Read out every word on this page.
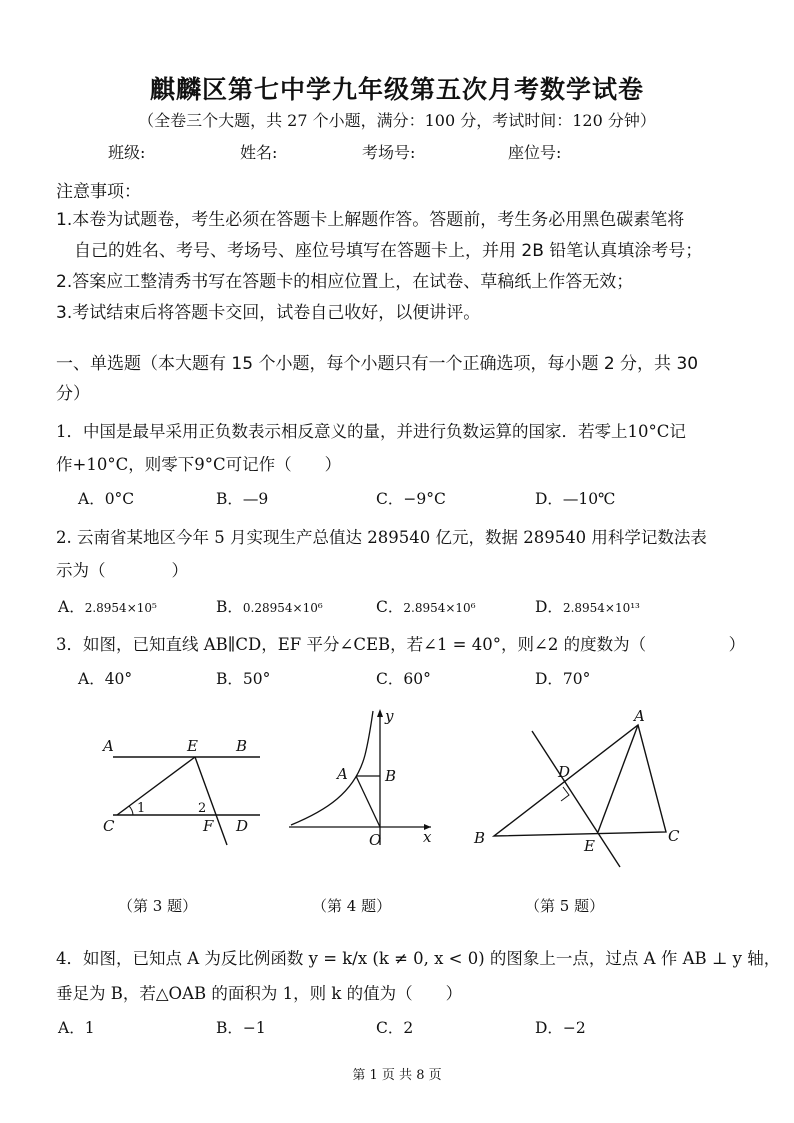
麒麟区第七中学九年级第五次月考数学试卷
（全卷三个大题，共 27 个小题，满分：100 分，考试时间：120 分钟）
班级:	姓名:	考场号:	座位号:
注意事项：
1.本卷为试题卷，考生必须在答题卡上解题作答。答题前，考生务必用黑色碳素笔将
自己的姓名、考号、考场号、座位号填写在答题卡上，并用 2B 铅笔认真填涂考号；
2.答案应工整清秀书写在答题卡的相应位置上，在试卷、草稿纸上作答无效；
3.考试结束后将答题卡交回，试卷自己收好，以便讲评。
一、单选题（本大题有 15 个小题，每个小题只有一个正确选项，每小题 2 分，共 30
分）
1．中国是最早采用正负数表示相反意义的量，并进行负数运算的国家．若零上10°C记
作+10°C，则零下9°C可记作（　　）
A．0°C	B．—9	C．−9°C	D．—10℃
2. 云南省某地区今年 5 月实现生产总值达 289540 亿元，数据 289540 用科学记数法表
示为（　　　　）
A．2.8954×10⁵	B．0.28954×10⁶	C．2.8954×10⁶	D．2.8954×10¹³
3．如图，已知直线 AB∥CD，EF 平分∠CEB，若∠1 = 40°，则∠2 的度数为（　　　　　）
A．40°	B．50°	C．60°	D．70°
A	E	B
C	F D
1	2
（第 3 题）
y
A B
O	x
（第 4 题）
A
D
B	E
C
（第 5 题）
4．如图，已知点 A 为反比例函数 y = k/x (k ≠ 0, x < 0) 的图象上一点，过点 A 作 AB ⊥ y 轴，
垂足为 B，若△OAB 的面积为 1，则 k 的值为（　　）
A．1	B．−1	C．2	D．−2
第 1 页 共 8 页
